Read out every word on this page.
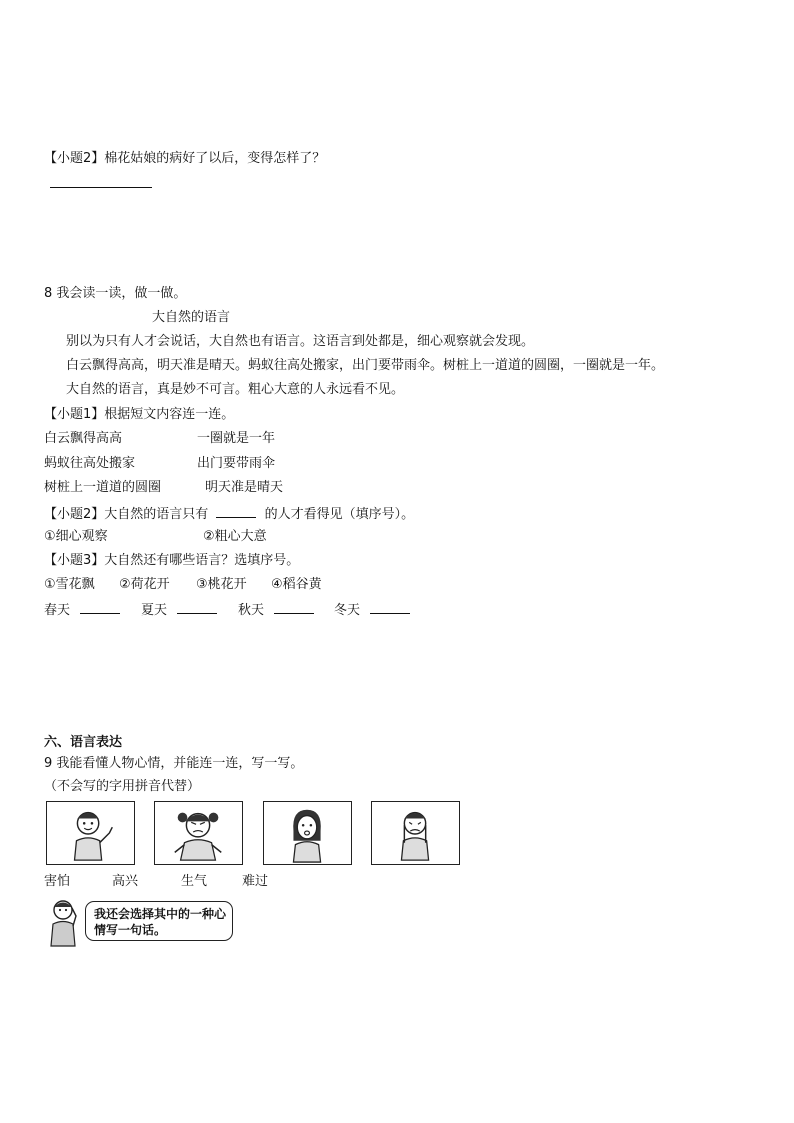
【小题2】棉花姑娘的病好了以后，变得怎样了？
8 我会读一读，做一做。
大自然的语言
别以为只有人才会说话，大自然也有语言。这语言到处都是，细心观察就会发现。
白云飘得高高，明天准是晴天。蚂蚁往高处搬家，出门要带雨伞。树桩上一道道的圆圈，一圈就是一年。
大自然的语言，真是妙不可言。粗心大意的人永远看不见。
【小题1】根据短文内容连一连。
白云飘得高高	一圈就是一年
蚂蚁往高处搬家	出门要带雨伞
树桩上一道道的圆圈	明天准是晴天
【小题2】大自然的语言只有	的人才看得见（填序号）。
①细心观察	②粗心大意
【小题3】大自然还有哪些语言？选填序号。
①雪花飘 ②荷花开 ③桃花开 ④稻谷黄
春天	夏天	秋天	冬天
六、语言表达
9 我能看懂人物心情，并能连一连，写一写。
（不会写的字用拼音代替）
害怕	高兴	生气	难过
我还会选择其中的一种心情写一句话。
